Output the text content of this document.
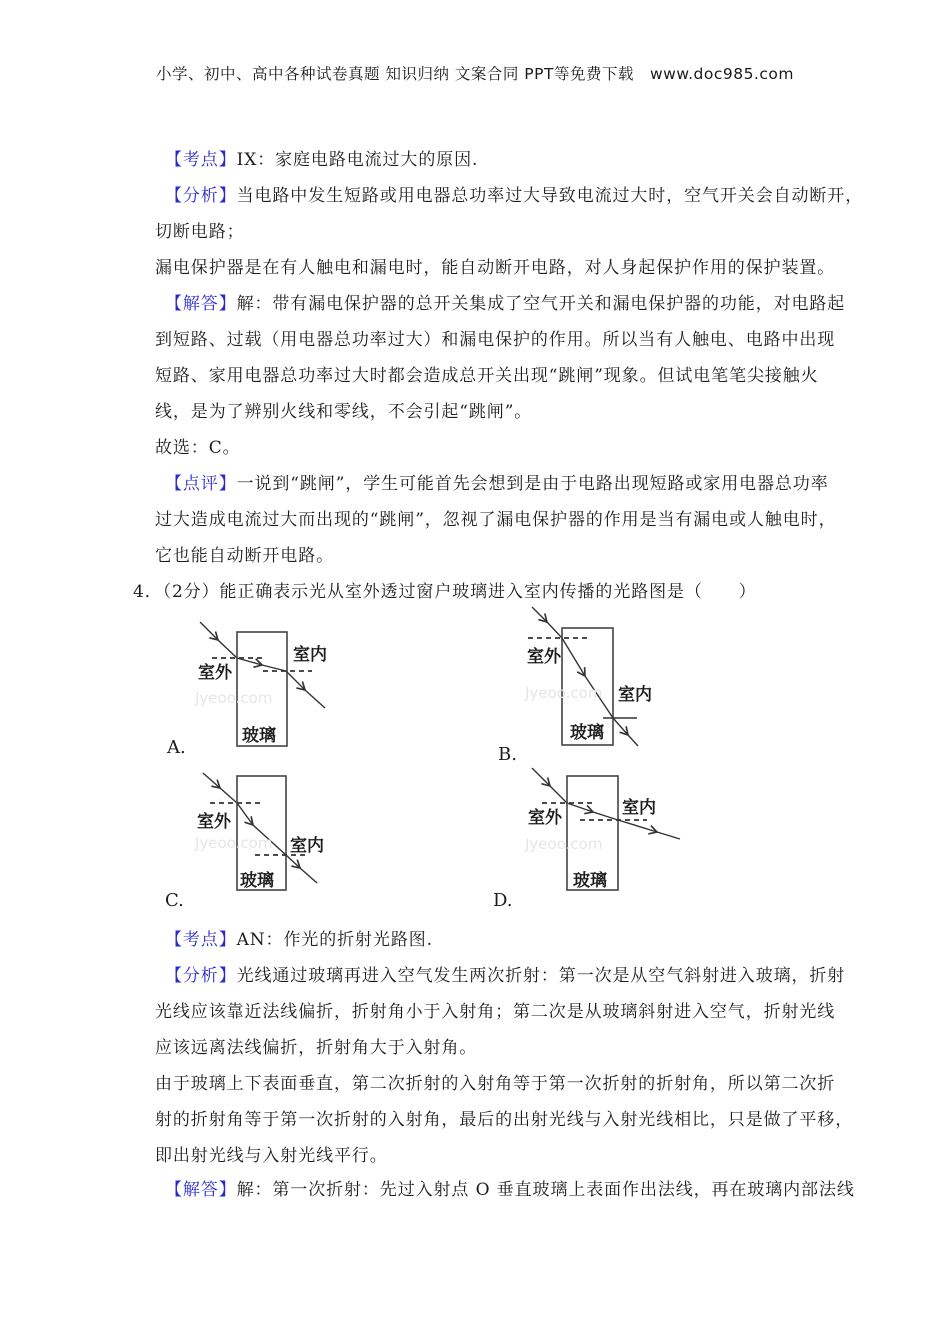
小学、初中、高中各种试卷真题 知识归纳 文案合同 PPT等免费下载　www.doc985.com
【考点】IX：家庭电路电流过大的原因.
【分析】当电路中发生短路或用电器总功率过大导致电流过大时，空气开关会自动断开，
切断电路；
漏电保护器是在有人触电和漏电时，能自动断开电路，对人身起保护作用的保护装置。
【解答】解：带有漏电保护器的总开关集成了空气开关和漏电保护器的功能，对电路起
到短路、过载（用电器总功率过大）和漏电保护的作用。所以当有人触电、电路中出现
短路、家用电器总功率过大时都会造成总开关出现“跳闸”现象。但试电笔笔尖接触火
线，是为了辨别火线和零线，不会引起“跳闸”。
故选：C。
【点评】一说到“跳闸”，学生可能首先会想到是由于电路出现短路或家用电器总功率
过大造成电流过大而出现的“跳闸”，忽视了漏电保护器的作用是当有漏电或人触电时，
它也能自动断开电路。
4．（2分）能正确表示光从室外透过窗户玻璃进入室内传播的光路图是（　　）
室内
室外
Jyeoo.com
玻璃
A.
室外
Jyeoo.com 室内
玻璃
B.
室外
Jyeoo.com 室内
玻璃
C.
室内
室外
Jyeoo.com
玻璃
D.
【考点】AN：作光的折射光路图.
【分析】光线通过玻璃再进入空气发生两次折射：第一次是从空气斜射进入玻璃，折射
光线应该靠近法线偏折，折射角小于入射角；第二次是从玻璃斜射进入空气，折射光线
应该远离法线偏折，折射角大于入射角。
由于玻璃上下表面垂直，第二次折射的入射角等于第一次折射的折射角，所以第二次折
射的折射角等于第一次折射的入射角，最后的出射光线与入射光线相比，只是做了平移，
即出射光线与入射光线平行。
【解答】解：第一次折射：先过入射点 O 垂直玻璃上表面作出法线，再在玻璃内部法线
